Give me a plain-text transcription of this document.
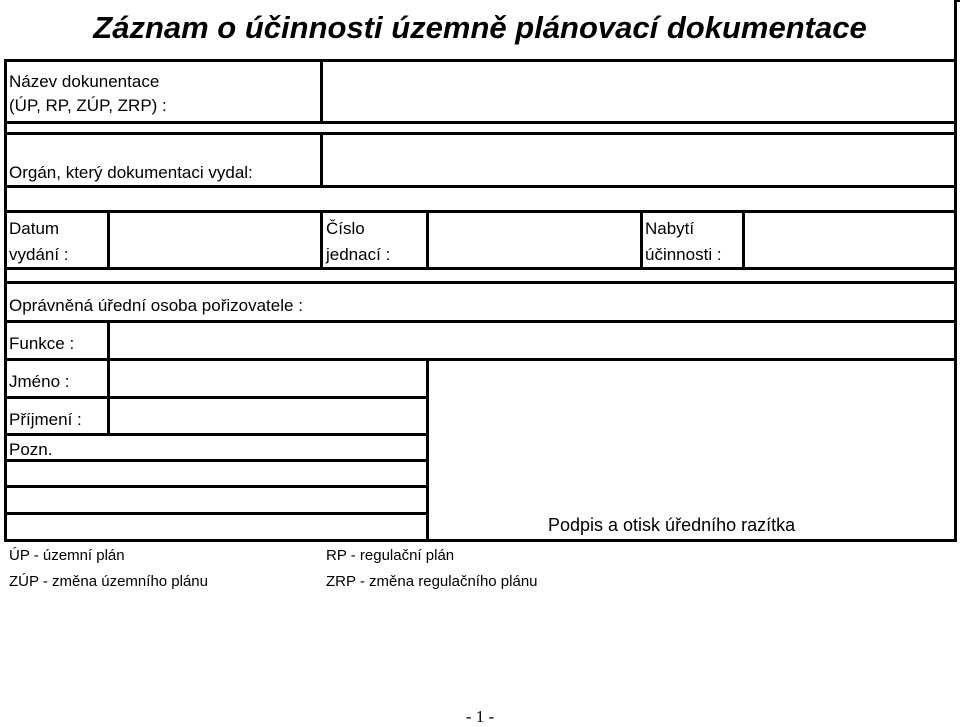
Záznam o účinnosti územně plánovací dokumentace
Název dokunentace
(ÚP, RP, ZÚP, ZRP) :
Orgán, který dokumentaci vydal:
Datum
vydání :
Číslo
jednací :
Nabytí
účinnosti :
Oprávněná úřední osoba pořizovatele :
Funkce :
Jméno :
Příjmení :
Pozn.
Podpis a otisk úředního razítka
ÚP - územní plán	RP - regulační plán
ZÚP - změna územního plánu	ZRP - změna regulačního plánu
- 1 -
